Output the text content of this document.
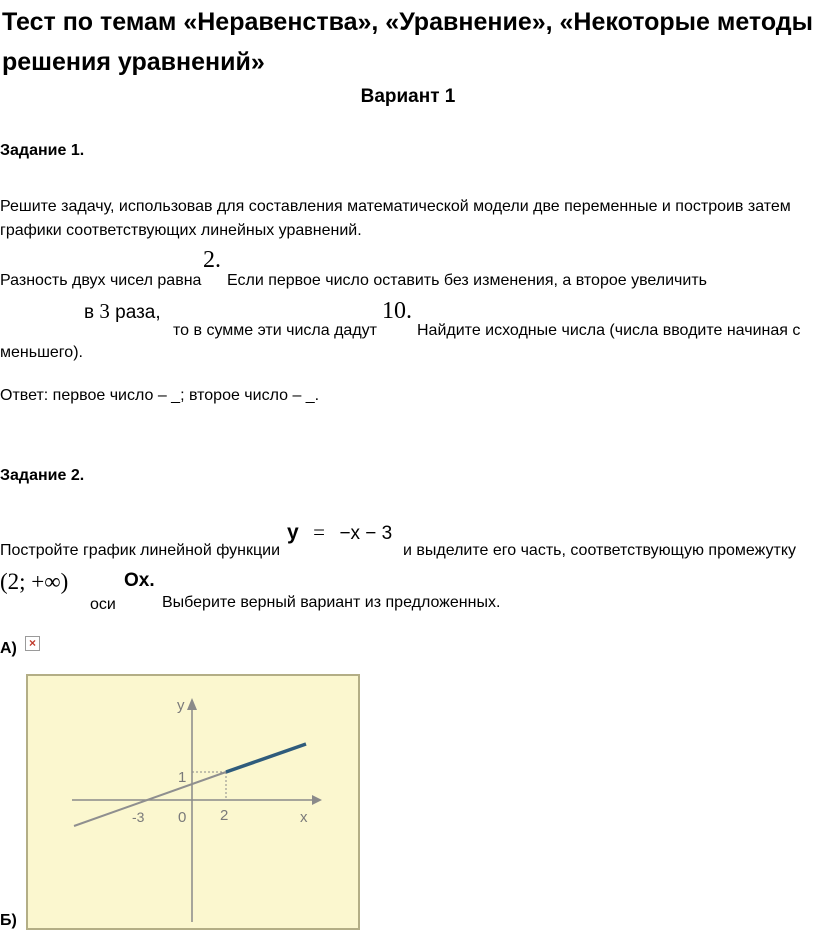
Тест по темам «Неравенства», «Уравнение», «Некоторые методы
решения уравнений»
Вариант 1
Задание 1.
Решите задачу, использовав для составления математической модели две переменные и построив затем
графики соответствующих линейных уравнений.
Разность двух чисел равна
2.
Если первое число оставить без изменения, а второе увеличить
в 3 раза,
то в сумме эти числа дадут
10.
Найдите исходные числа (числа вводите начиная с
меньшего).
Ответ: первое число – _; второе число – _.
Задание 2.
Постройте график линейной функции
y = −x − 3
и выделите его часть, соответствующую промежутку
(2; +∞)
оси
Ox.
Выберите верный вариант из предложенных.
А)	×
y
x
1
-3 0 2
Б)
